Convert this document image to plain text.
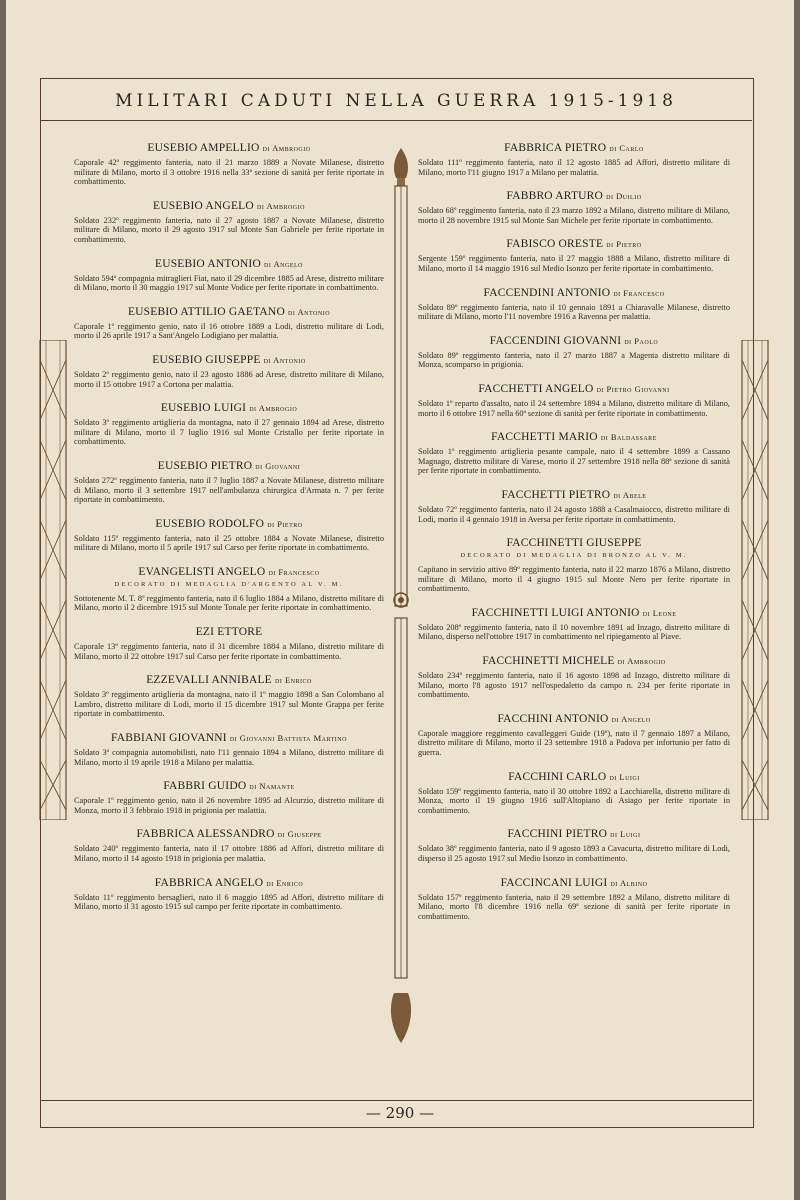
MILITARI CADUTI NELLA GUERRA 1915-1918
EUSEBIO AMPELLIO di Ambrogio
Caporale 42º reggimento fanteria, nato il 21 marzo 1889 a Novate Milanese, distretto militare di Milano, morto il 3 ottobre 1916 nella 33ª sezione di sanità per ferite riportate in combattimento.
EUSEBIO ANGELO di Ambrogio
Soldato 232º reggimento fanteria, nato il 27 agosto 1887 a Novate Milanese, distretto militare di Milano, morto il 29 agosto 1917 sul Monte San Gabriele per ferite riportate in combattimento.
EUSEBIO ANTONIO di Angelo
Soldato 594ª compagnia mitraglieri Fiat, nato il 29 dicembre 1885 ad Arese, distretto militare di Milano, morto il 30 maggio 1917 sul Monte Vodice per ferite riportate in combattimento.
EUSEBIO ATTILIO GAETANO di Antonio
Caporale 1º reggimento genio, nato il 16 ottobre 1889 a Lodi, distretto militare di Lodi, morto il 26 aprile 1917 a Sant'Angelo Lodigiano per malattia.
EUSEBIO GIUSEPPE di Antonio
Soldato 2º reggimento genio, nato il 23 agosto 1886 ad Arese, distretto militare di Milano, morto il 15 ottobre 1917 a Cortona per malattia.
EUSEBIO LUIGI di Ambrogio
Soldato 3º reggimento artiglieria da montagna, nato il 27 gennaio 1894 ad Arese, distretto militare di Milano, morto il 7 luglio 1916 sul Monte Cristallo per ferite riportate in combattimento.
EUSEBIO PIETRO di Giovanni
Soldato 272º reggimento fanteria, nato il 7 luglio 1887 a Novate Milanese, distretto militare di Milano, morto il 3 settembre 1917 nell'ambulanza chirurgica d'Armata n. 7 per ferite riportate in combattimento.
EUSEBIO RODOLFO di Pietro
Soldato 115º reggimento fanteria, nato il 25 ottobre 1884 a Novate Milanese, distretto militare di Milano, morto il 5 aprile 1917 sul Carso per ferite riportate in combattimento.
EVANGELISTI ANGELO di Francesco
DECORATO DI MEDAGLIA D'ARGENTO AL V. M.
Sottotenente M. T. 8º reggimento fanteria, nato il 6 luglio 1884 a Milano, distretto militare di Milano, morto il 2 dicembre 1915 sul Monte Tonale per ferite riportate in combattimento.
EZI ETTORE
Caporale 13º reggimento fanteria, nato il 31 dicembre 1884 a Milano, distretto militare di Milano, morto il 22 ottobre 1917 sul Carso per ferite riportate in combattimento.
EZZEVALLI ANNIBALE di Enrico
Soldato 3º reggimento artiglieria da montagna, nato il 1º maggio 1898 a San Colombano al Lambro, distretto militare di Lodi, morto il 15 dicembre 1917 sul Monte Grappa per ferite riportate in combattimento.
FABBIANI GIOVANNI di Giovanni Battista Martino
Soldato 3ª compagnia automobilisti, nato l'11 gennaio 1894 a Milano, distretto militare di Milano, morto il 19 aprile 1918 a Milano per malattia.
FABBRI GUIDO di Namante
Caporale 1º reggimento genio, nato il 26 novembre 1895 ad Alcurzio, distretto militare di Monza, morto il 3 febbraio 1918 in prigionia per malattia.
FABBRICA ALESSANDRO di Giuseppe
Soldato 240º reggimento fanteria, nato il 17 ottobre 1886 ad Affori, distretto militare di Milano, morto il 14 agosto 1918 in prigionia per malattia.
FABBRICA ANGELO di Enrico
Soldato 11º reggimento bersaglieri, nato il 6 maggio 1895 ad Affori, distretto militare di Milano, morto il 31 agosto 1915 sul campo per ferite riportate in combattimento.
FABBRICA PIETRO di Carlo
Soldato 111º reggimento fanteria, nato il 12 agosto 1885 ad Affori, distretto militare di Milano, morto l'11 giugno 1917 a Milano per malattia.
FABBRO ARTURO di Duilio
Soldato 68º reggimento fanteria, nato il 23 marzo 1892 a Milano, distretto militare di Milano, morto il 28 novembre 1915 sul Monte San Michele per ferite riportate in combattimento.
FABISCO ORESTE di Pietro
Sergente 159º reggimento fanteria, nato il 27 maggio 1888 a Milano, distretto militare di Milano, morto il 14 maggio 1916 sul Medio Isonzo per ferite riportate in combattimento.
FACCENDINI ANTONIO di Francesco
Soldato 89º reggimento fanteria, nato il 10 gennaio 1891 a Chiaravalle Milanese, distretto militare di Milano, morto l'11 novembre 1916 a Ravenna per malattia.
FACCENDINI GIOVANNI di Paolo
Soldato 89º reggimento fanteria, nato il 27 marzo 1887 a Magenta distretto militare di Monza, scomparso in prigionia.
FACCHETTI ANGELO di Pietro Giovanni
Soldato 1º reparto d'assalto, nato il 24 settembre 1894 a Milano, distretto militare di Milano, morto il 6 ottobre 1917 nella 60ª sezione di sanità per ferite riportate in combattimento.
FACCHETTI MARIO di Baldassare
Soldato 1º reggimento artiglieria pesante campale, nato il 4 settembre 1899 a Cassano Magnago, distretto militare di Varese, morto il 27 settembre 1918 nella 88ª sezione di sanità per ferite riportate in combattimento.
FACCHETTI PIETRO di Abele
Soldato 72º reggimento fanteria, nato il 24 agosto 1888 a Casalmaiocco, distretto militare di Lodi, morto il 4 gennaio 1918 in Aversa per ferite riportate in combattimento.
FACCHINETTI GIUSEPPE
DECORATO DI MEDAGLIA DI BRONZO AL V. M.
Capitano in servizio attivo 89º reggimento fanteria, nato il 22 marzo 1876 a Milano, distretto militare di Milano, morto il 4 giugno 1915 sul Monte Nero per ferite riportate in combattimento.
FACCHINETTI LUIGI ANTONIO di Leone
Soldato 208º reggimento fanteria, nato il 10 novembre 1891 ad Inzago, distretto militare di Milano, disperso nell'ottobre 1917 in combattimento nel ripiegamento al Piave.
FACCHINETTI MICHELE di Ambrogio
Soldato 234º reggimento fanteria, nato il 16 agosto 1898 ad Inzago, distretto militare di Milano, morto l'8 agosto 1917 nell'ospedaletto da campo n. 234 per ferite riportate in combattimento.
FACCHINI ANTONIO di Angelo
Caporale maggiore reggimento cavalleggeri Guide (19º), nato il 7 gennaio 1897 a Milano, distretto militare di Milano, morto il 23 settembre 1918 a Padova per infortunio per fatto di guerra.
FACCHINI CARLO di Luigi
Soldato 159º reggimento fanteria, nato il 30 ottobre 1892 a Lacchiarella, distretto militare di Monza, morto il 19 giugno 1916 sull'Altopiano di Asiago per ferite riportate in combattimento.
FACCHINI PIETRO di Luigi
Soldato 38º reggimento fanteria, nato il 9 agosto 1893 a Cavacurta, distretto militare di Lodi, disperso il 25 agosto 1917 sul Medio Isonzo in combattimento.
FACCINCANI LUIGI di Albino
Soldato 157º reggimento fanteria, nato il 29 settembre 1892 a Milano, distretto militare di Milano, morto l'8 dicembre 1916 nella 69ª sezione di sanità per ferite riportate in combattimento.
— 290 —
